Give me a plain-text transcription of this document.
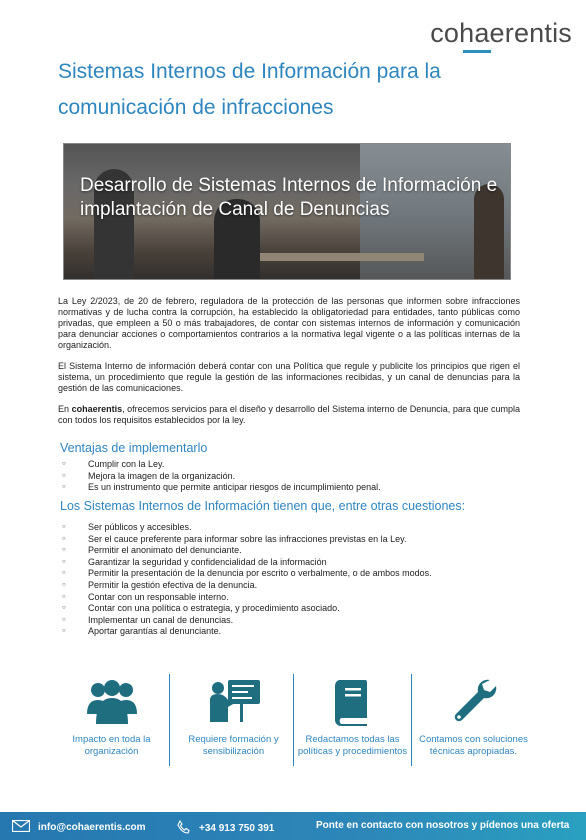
cohaerentis
Sistemas Internos de Información para la comunicación de infracciones
Desarrollo de Sistemas Internos de Información e implantación de Canal de Denuncias

La Ley 2/2023, de 20 de febrero, reguladora de la protección de las personas que informen sobre infracciones normativas y de lucha contra la corrupción, ha establecido la obligatoriedad para entidades, tanto públicas como privadas, que empleen a 50 o más trabajadores, de contar con sistemas internos de información y comunicación para denunciar acciones o comportamientos contrarios a la normativa legal vigente o a las políticas internas de la organización.

El Sistema Interno de información deberá contar con una Política que regule y publicite los principios que rigen el sistema, un procedimiento que regule la gestión de las informaciones recibidas, y un canal de denuncias para la gestión de las comunicaciones.

En cohaerentis, ofrecemos servicios para el diseño y desarrollo del Sistema interno de Denuncia, para que cumpla con todos los requisitos establecidos por la ley.

Ventajas de implementarlo
○ Cumplir con la Ley.
○ Mejora la imagen de la organización.
○ Es un instrumento que permite anticipar riesgos de incumplimiento penal.
Los Sistemas Internos de Información tienen que, entre otras cuestiones:
○ Ser públicos y accesibles.
○ Ser el cauce preferente para informar sobre las infracciones previstas en la Ley.
○ Permitir el anonimato del denunciante.
○ Garantizar la seguridad y confidencialidad de la información
○ Permitir la presentación de la denuncia por escrito o verbalmente, o de ambos modos.
○ Permitir la gestión efectiva de la denuncia.
○ Contar con un responsable interno.
○ Contar con una política o estrategia, y procedimiento asociado.
○ Implementar un canal de denuncias.
○ Aportar garantías al denunciante.
Impacto en toda la organización
Requiere formación y sensibilización
Redactamos todas las políticas y procedimientos
Contamos con soluciones técnicas apropiadas.
info@cohaerentis.com	+34 913 750 391	Ponte en contacto con nosotros y pídenos una oferta
